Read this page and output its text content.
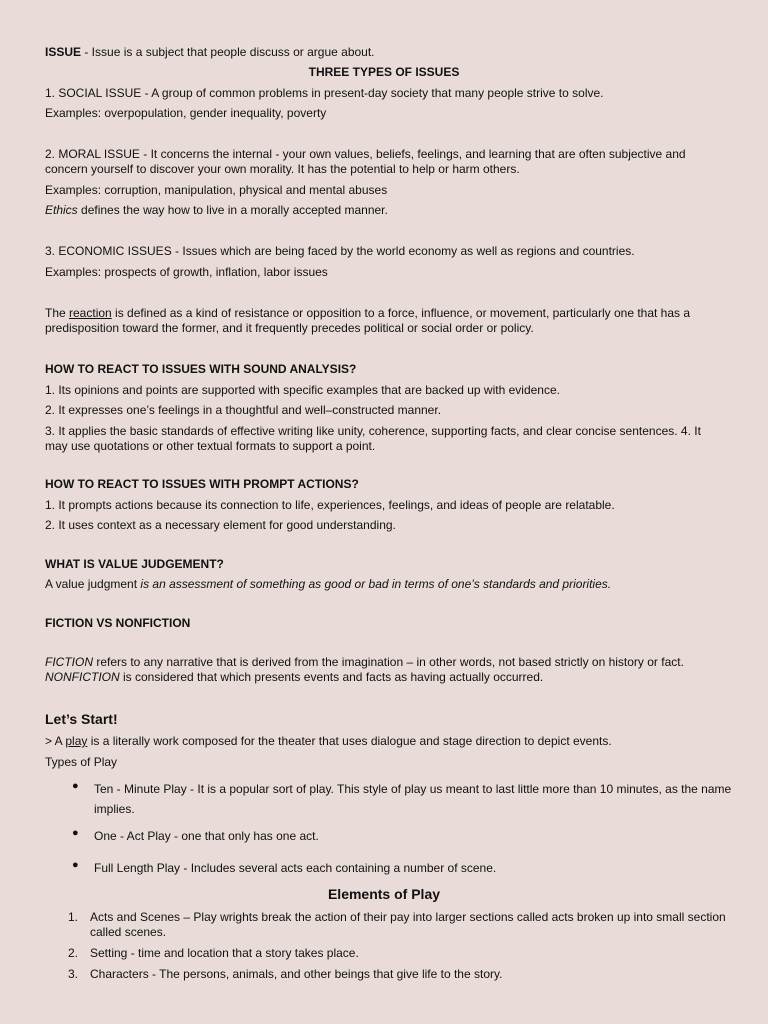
ISSUE - Issue is a subject that people discuss or argue about.

THREE TYPES OF ISSUES

1. SOCIAL ISSUE - A group of common problems in present-day society that many people strive to solve.

Examples: overpopulation, gender inequality, poverty

2. MORAL ISSUE - It concerns the internal - your own values, beliefs, feelings, and learning that are often subjective and concern yourself to discover your own morality. It has the potential to help or harm others.

Examples: corruption, manipulation, physical and mental abuses

Ethics defines the way how to live in a morally accepted manner.

3. ECONOMIC ISSUES - Issues which are being faced by the world economy as well as regions and countries.

Examples: prospects of growth, inflation, labor issues

The reaction is defined as a kind of resistance or opposition to a force, influence, or movement, particularly one that has a predisposition toward the former, and it frequently precedes political or social order or policy.

HOW TO REACT TO ISSUES WITH SOUND ANALYSIS?

1. Its opinions and points are supported with specific examples that are backed up with evidence.

2. It expresses one’s feelings in a thoughtful and well–constructed manner.

3. It applies the basic standards of effective writing like unity, coherence, supporting facts, and clear concise sentences. 4. It may use quotations or other textual formats to support a point.

HOW TO REACT TO ISSUES WITH PROMPT ACTIONS?

1. It prompts actions because its connection to life, experiences, feelings, and ideas of people are relatable.

2. It uses context as a necessary element for good understanding.

WHAT IS VALUE JUDGEMENT?

A value judgment is an assessment of something as good or bad in terms of one’s standards and priorities.

FICTION VS NONFICTION

FICTION refers to any narrative that is derived from the imagination – in other words, not based strictly on history or fact.
NONFICTION is considered that which presents events and facts as having actually occurred.

Let’s Start!

> A play is a literally work composed for the theater that uses dialogue and stage direction to depict events.

Types of Play

● Ten - Minute Play - It is a popular sort of play. This style of play us meant to last little more than 10 minutes, as the name implies.
● One - Act Play - one that only has one act.
● Full Length Play - Includes several acts each containing a number of scene.

Elements of Play

1. Acts and Scenes – Play wrights break the action of their pay into larger sections called acts broken up into small section called scenes.
2. Setting - time and location that a story takes place.
3. Characters - The persons, animals, and other beings that give life to the story.
